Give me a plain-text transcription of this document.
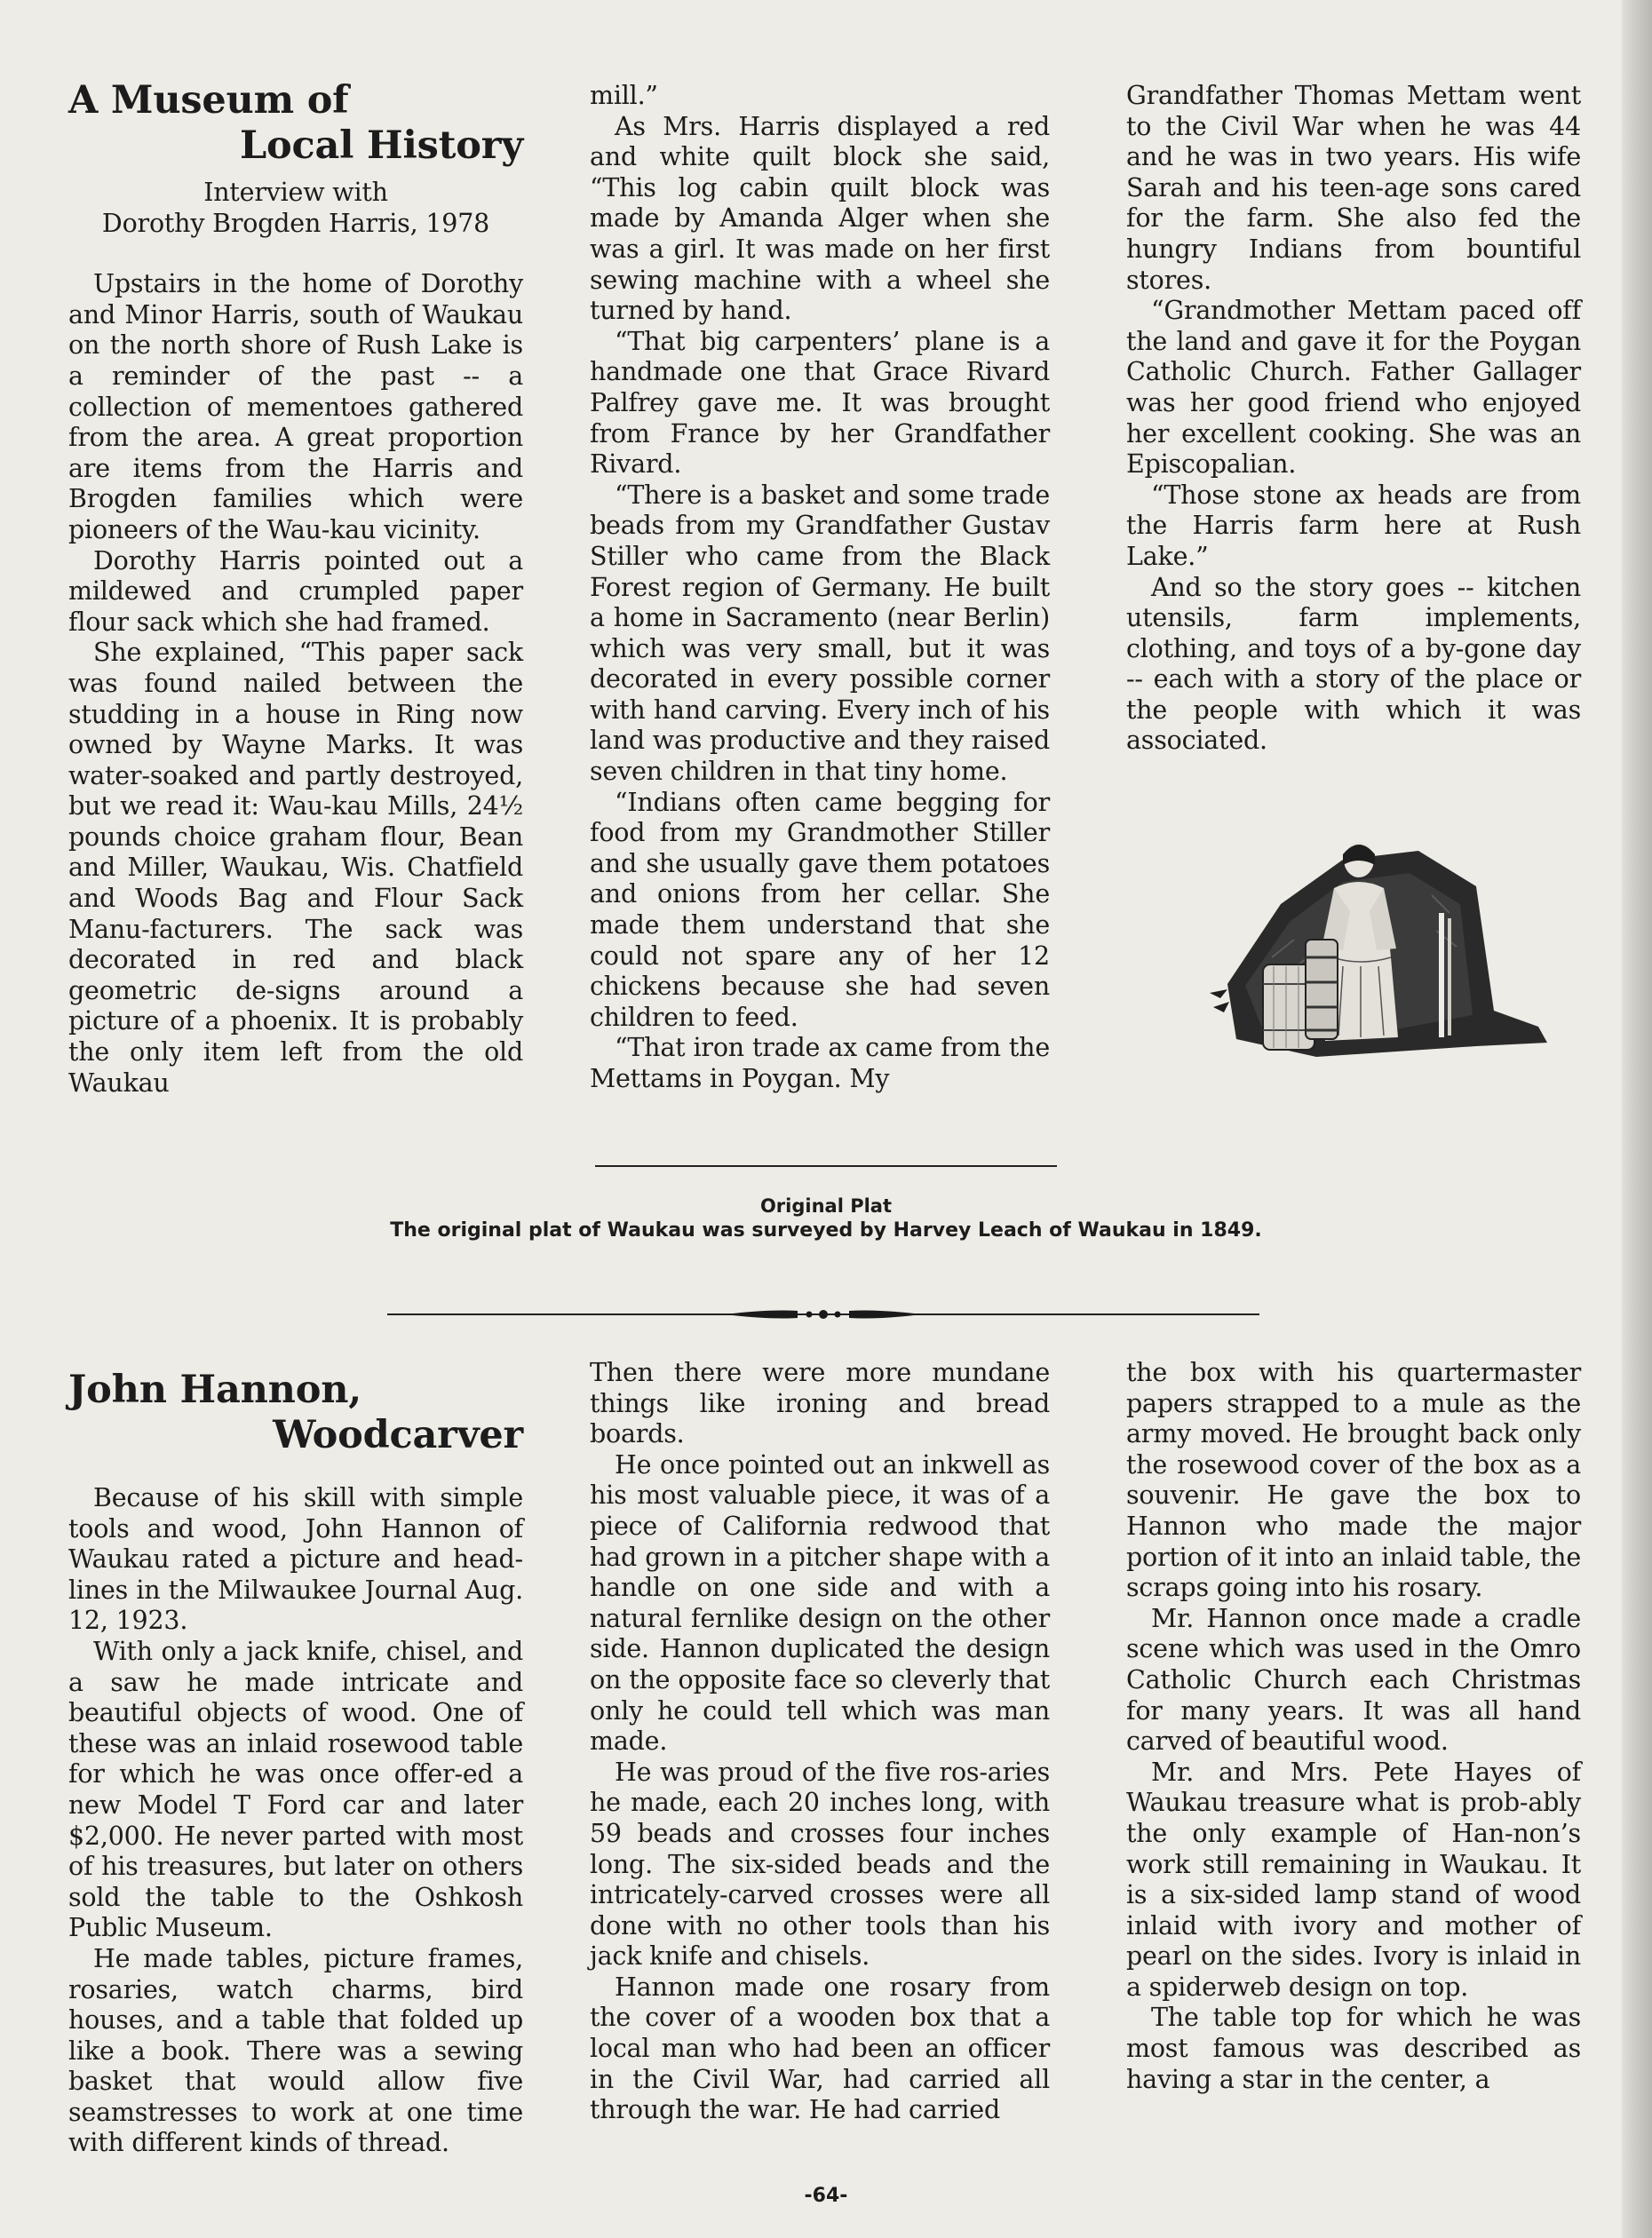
A Museum of
Local History

Interview with

Dorothy Brogden Harris, 1978

Upstairs in the home of Dorothy and Minor Harris, south of Waukau on the north shore of Rush Lake is a reminder of the past -- a collection of mementoes gathered from the area. A great proportion are items from the Harris and Brogden families which were pioneers of the Wau-kau vicinity.

Dorothy Harris pointed out a mildewed and crumpled paper flour sack which she had framed.

She explained, “This paper sack was found nailed between the studding in a house in Ring now owned by Wayne Marks. It was water-soaked and partly destroyed, but we read it: Wau-kau Mills, 24½ pounds choice graham flour, Bean and Miller, Waukau, Wis. Chatfield and Woods Bag and Flour Sack Manu-facturers. The sack was decorated in red and black geometric de-signs around a picture of a phoenix. It is probably the only item left from the old Waukau

mill.”

As Mrs. Harris displayed a red and white quilt block she said, “This log cabin quilt block was made by Amanda Alger when she was a girl. It was made on her first sewing machine with a wheel she turned by hand.

“That big carpenters’ plane is a handmade one that Grace Rivard Palfrey gave me. It was brought from France by her Grandfather Rivard.

“There is a basket and some trade beads from my Grandfather Gustav Stiller who came from the Black Forest region of Germany. He built a home in Sacramento (near Berlin) which was very small, but it was decorated in every possible corner with hand carving. Every inch of his land was productive and they raised seven children in that tiny home.

“Indians often came begging for food from my Grandmother Stiller and she usually gave them potatoes and onions from her cellar. She made them understand that she could not spare any of her 12 chickens because she had seven children to feed.

“That iron trade ax came from the Mettams in Poygan. My

Grandfather Thomas Mettam went to the Civil War when he was 44 and he was in two years. His wife Sarah and his teen-age sons cared for the farm. She also fed the hungry Indians from bountiful stores.

“Grandmother Mettam paced off the land and gave it for the Poygan Catholic Church. Father Gallager was her good friend who enjoyed her excellent cooking. She was an Episcopalian.

“Those stone ax heads are from the Harris farm here at Rush Lake.”

And so the story goes -- kitchen utensils, farm implements, clothing, and toys of a by-gone day -- each with a story of the place or the people with which it was associated.

Original Plat
The original plat of Waukau was surveyed by Harvey Leach of Waukau in 1849.
John Hannon,
Woodcarver

Because of his skill with simple tools and wood, John Hannon of Waukau rated a picture and head-lines in the Milwaukee Journal Aug. 12, 1923.

With only a jack knife, chisel, and a saw he made intricate and beautiful objects of wood. One of these was an inlaid rosewood table for which he was once offer-ed a new Model T Ford car and later $2,000. He never parted with most of his treasures, but later on others sold the table to the Oshkosh Public Museum.

He made tables, picture frames, rosaries, watch charms, bird houses, and a table that folded up like a book. There was a sewing basket that would allow five seamstresses to work at one time with different kinds of thread.

Then there were more mundane things like ironing and bread boards.

He once pointed out an inkwell as his most valuable piece, it was of a piece of California redwood that had grown in a pitcher shape with a handle on one side and with a natural fernlike design on the other side. Hannon duplicated the design on the opposite face so cleverly that only he could tell which was man made.

He was proud of the five ros-aries he made, each 20 inches long, with 59 beads and crosses four inches long. The six-sided beads and the intricately-carved crosses were all done with no other tools than his jack knife and chisels.

Hannon made one rosary from the cover of a wooden box that a local man who had been an officer in the Civil War, had carried all through the war. He had carried

the box with his quartermaster papers strapped to a mule as the army moved. He brought back only the rosewood cover of the box as a souvenir. He gave the box to Hannon who made the major portion of it into an inlaid table, the scraps going into his rosary.

Mr. Hannon once made a cradle scene which was used in the Omro Catholic Church each Christmas for many years. It was all hand carved of beautiful wood.

Mr. and Mrs. Pete Hayes of Waukau treasure what is prob-ably the only example of Han-non’s work still remaining in Waukau. It is a six-sided lamp stand of wood inlaid with ivory and mother of pearl on the sides. Ivory is inlaid in a spiderweb design on top.

The table top for which he was most famous was described as having a star in the center, a

-64-
